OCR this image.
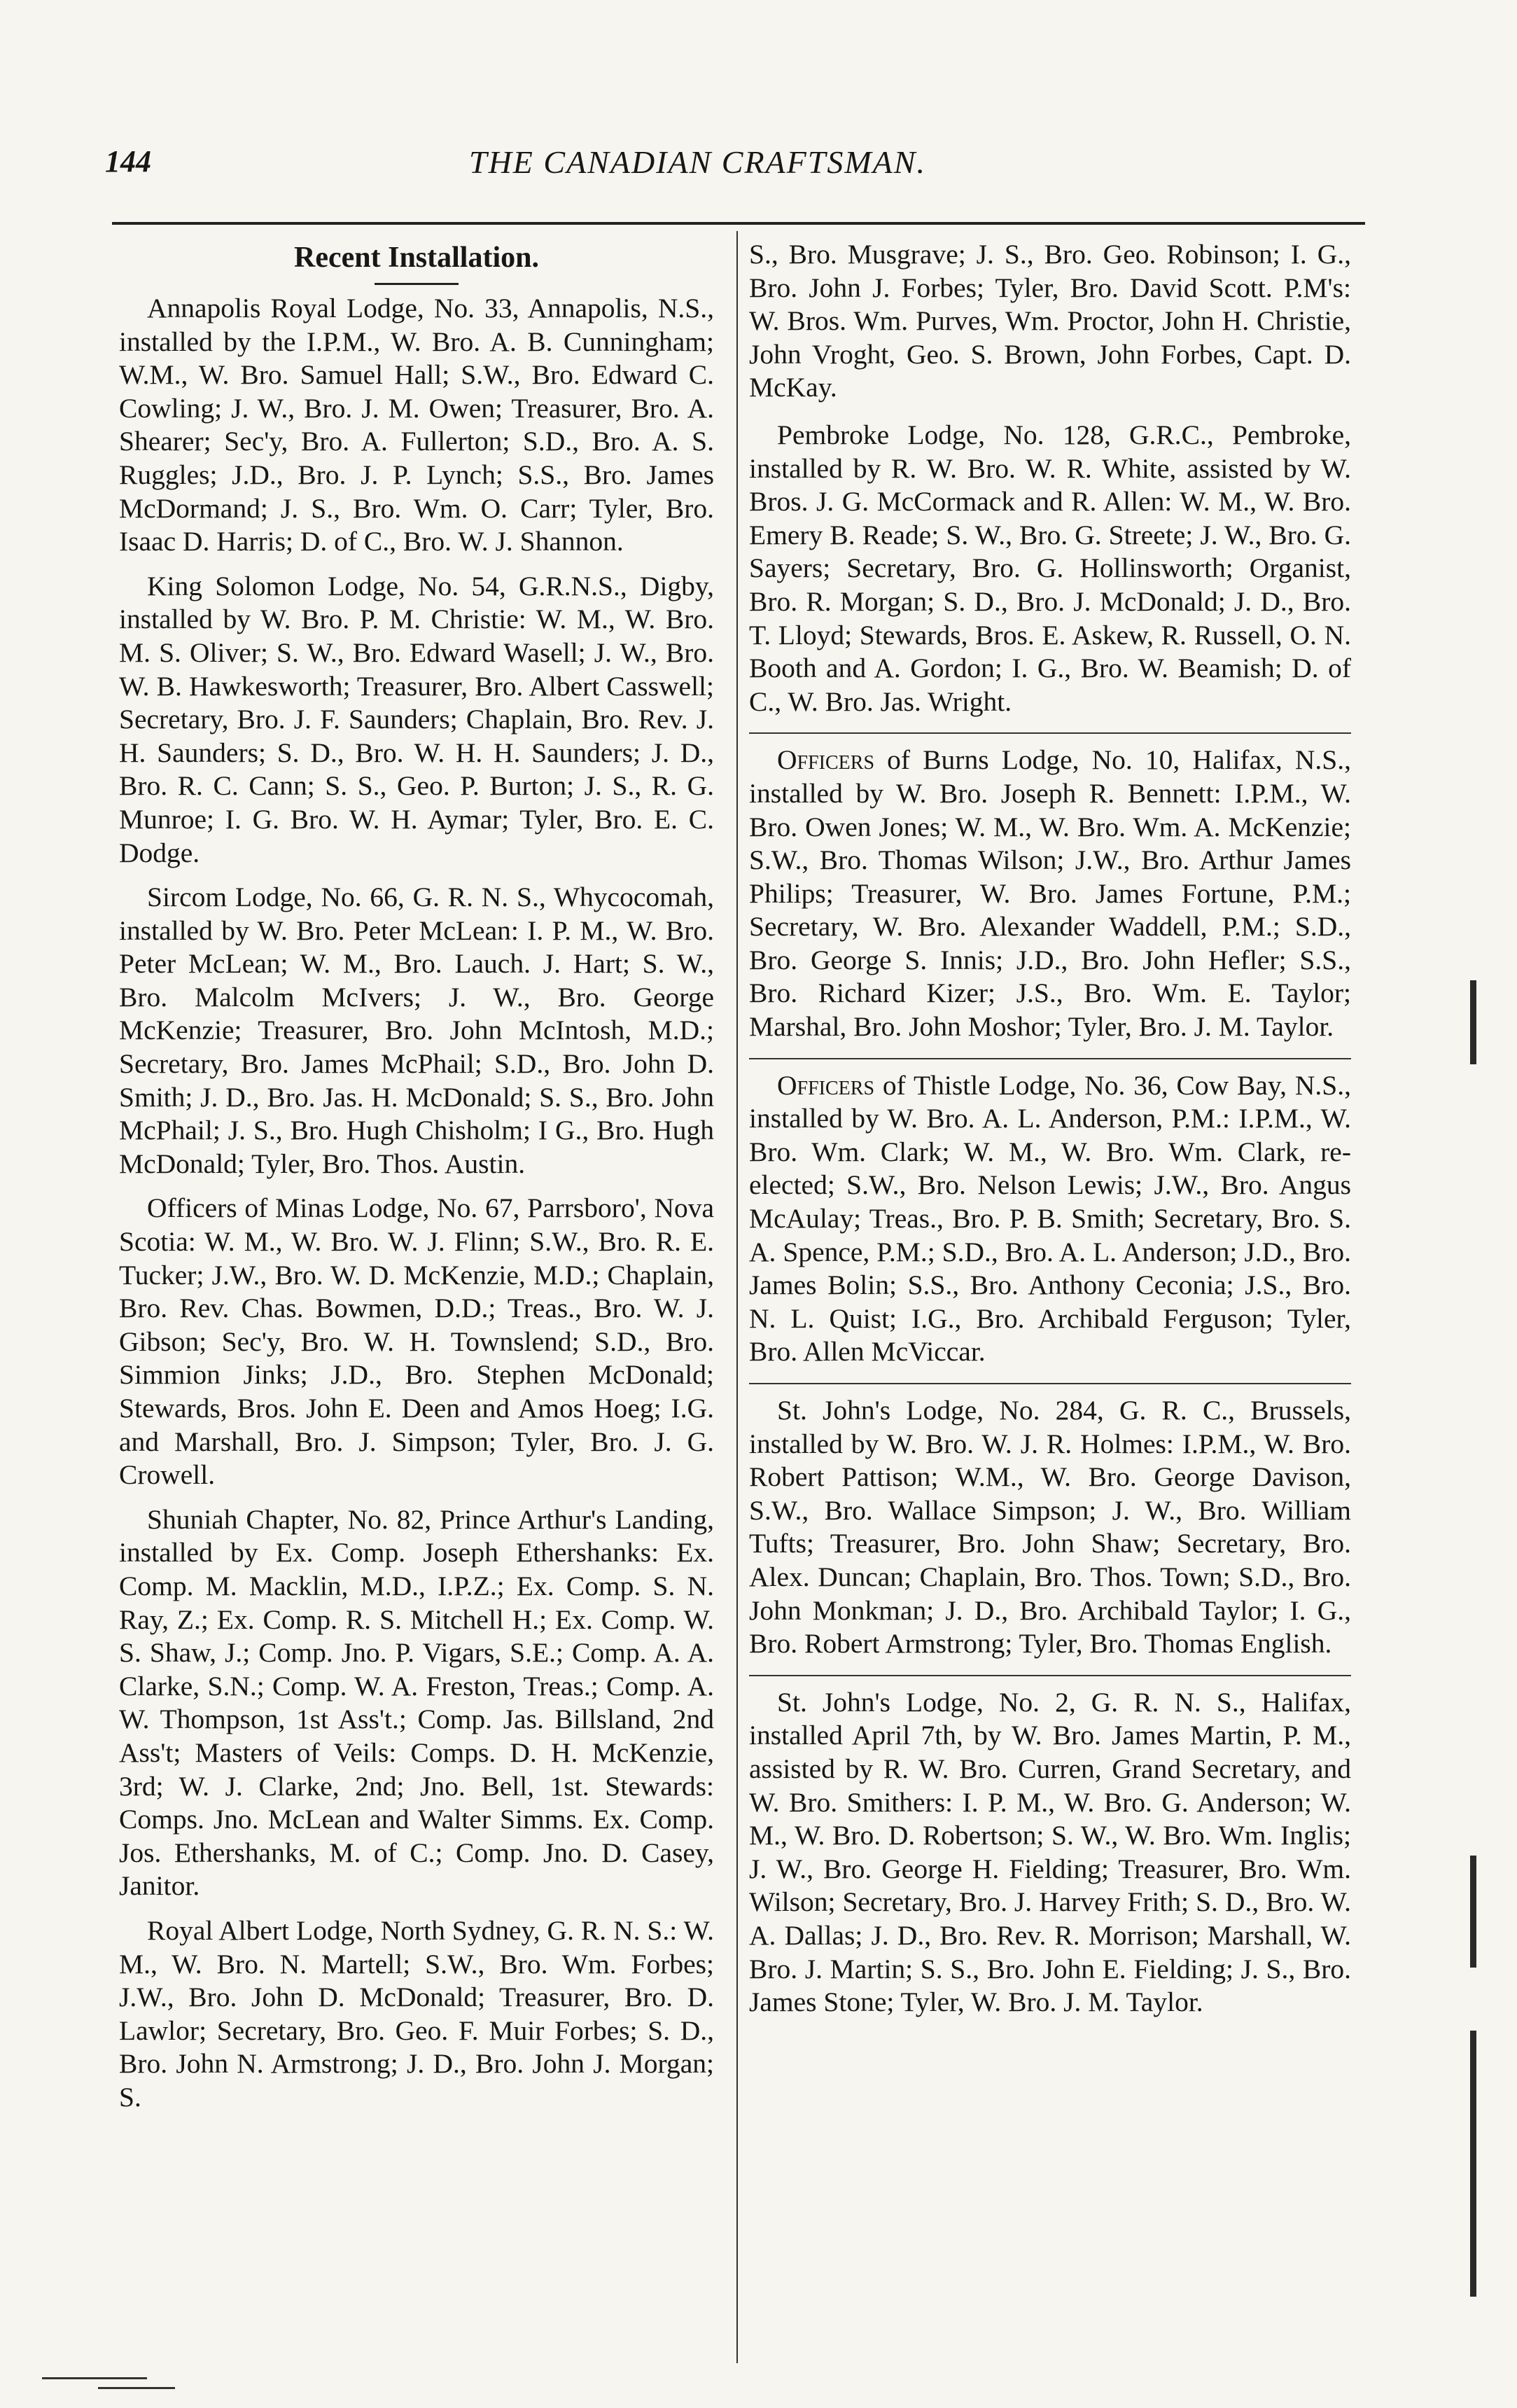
144	THE CANADIAN CRAFTSMAN.
Recent Installation.

Annapolis Royal Lodge, No. 33, Annapolis, N.S., installed by the I.P.M., W. Bro. A. B. Cunningham; W.M., W. Bro. Samuel Hall; S.W., Bro. Edward C. Cowling; J. W., Bro. J. M. Owen; Treasurer, Bro. A. Shearer; Sec'y, Bro. A. Fullerton; S.D., Bro. A. S. Ruggles; J.D., Bro. J. P. Lynch; S.S., Bro. James McDormand; J. S., Bro. Wm. O. Carr; Tyler, Bro. Isaac D. Harris; D. of C., Bro. W. J. Shannon.

King Solomon Lodge, No. 54, G.R.N.S., Digby, installed by W. Bro. P. M. Christie: W. M., W. Bro. M. S. Oliver; S. W., Bro. Edward Wasell; J. W., Bro. W. B. Hawkesworth; Treasurer, Bro. Albert Casswell; Secretary, Bro. J. F. Saunders; Chaplain, Bro. Rev. J. H. Saunders; S. D., Bro. W. H. H. Saunders; J. D., Bro. R. C. Cann; S. S., Geo. P. Burton; J. S., R. G. Munroe; I. G. Bro. W. H. Aymar; Tyler, Bro. E. C. Dodge.

Sircom Lodge, No. 66, G. R. N. S., Whycocomah, installed by W. Bro. Peter McLean: I. P. M., W. Bro. Peter McLean; W. M., Bro. Lauch. J. Hart; S. W., Bro. Malcolm McIvers; J. W., Bro. George McKenzie; Treasurer, Bro. John McIntosh, M.D.; Secretary, Bro. James McPhail; S.D., Bro. John D. Smith; J. D., Bro. Jas. H. McDonald; S. S., Bro. John McPhail; J. S., Bro. Hugh Chisholm; I G., Bro. Hugh McDonald; Tyler, Bro. Thos. Austin.

Officers of Minas Lodge, No. 67, Parrsboro', Nova Scotia: W. M., W. Bro. W. J. Flinn; S.W., Bro. R. E. Tucker; J.W., Bro. W. D. McKenzie, M.D.; Chaplain, Bro. Rev. Chas. Bowmen, D.D.; Treas., Bro. W. J. Gibson; Sec'y, Bro. W. H. Townslend; S.D., Bro. Simmion Jinks; J.D., Bro. Stephen McDonald; Stewards, Bros. John E. Deen and Amos Hoeg; I.G. and Marshall, Bro. J. Simpson; Tyler, Bro. J. G. Crowell.

Shuniah Chapter, No. 82, Prince Arthur's Landing, installed by Ex. Comp. Joseph Ethershanks: Ex. Comp. M. Macklin, M.D., I.P.Z.; Ex. Comp. S. N. Ray, Z.; Ex. Comp. R. S. Mitchell H.; Ex. Comp. W. S. Shaw, J.; Comp. Jno. P. Vigars, S.E.; Comp. A. A. Clarke, S.N.; Comp. W. A. Freston, Treas.; Comp. A. W. Thompson, 1st Ass't.; Comp. Jas. Billsland, 2nd Ass't; Masters of Veils: Comps. D. H. McKenzie, 3rd; W. J. Clarke, 2nd; Jno. Bell, 1st. Stewards: Comps. Jno. McLean and Walter Simms. Ex. Comp. Jos. Ethershanks, M. of C.; Comp. Jno. D. Casey, Janitor.

Royal Albert Lodge, North Sydney, G. R. N. S.: W. M., W. Bro. N. Martell; S.W., Bro. Wm. Forbes; J.W., Bro. John D. McDonald; Treasurer, Bro. D. Lawlor; Secretary, Bro. Geo. F. Muir Forbes; S. D., Bro. John N. Armstrong; J. D., Bro. John J. Morgan; S.

S., Bro. Musgrave; J. S., Bro. Geo. Robinson; I. G., Bro. John J. Forbes; Tyler, Bro. David Scott. P.M's: W. Bros. Wm. Purves, Wm. Proctor, John H. Christie, John Vroght, Geo. S. Brown, John Forbes, Capt. D. McKay.

Pembroke Lodge, No. 128, G.R.C., Pembroke, installed by R. W. Bro. W. R. White, assisted by W. Bros. J. G. McCormack and R. Allen: W. M., W. Bro. Emery B. Reade; S. W., Bro. G. Streete; J. W., Bro. G. Sayers; Secretary, Bro. G. Hollinsworth; Organist, Bro. R. Morgan; S. D., Bro. J. McDonald; J. D., Bro. T. Lloyd; Stewards, Bros. E. Askew, R. Russell, O. N. Booth and A. Gordon; I. G., Bro. W. Beamish; D. of C., W. Bro. Jas. Wright.

Officers of Burns Lodge, No. 10, Halifax, N.S., installed by W. Bro. Joseph R. Bennett: I.P.M., W. Bro. Owen Jones; W. M., W. Bro. Wm. A. McKenzie; S.W., Bro. Thomas Wilson; J.W., Bro. Arthur James Philips; Treasurer, W. Bro. James Fortune, P.M.; Secretary, W. Bro. Alexander Waddell, P.M.; S.D., Bro. George S. Innis; J.D., Bro. John Hefler; S.S., Bro. Richard Kizer; J.S., Bro. Wm. E. Taylor; Marshal, Bro. John Moshor; Tyler, Bro. J. M. Taylor.

Officers of Thistle Lodge, No. 36, Cow Bay, N.S., installed by W. Bro. A. L. Anderson, P.M.: I.P.M., W. Bro. Wm. Clark; W. M., W. Bro. Wm. Clark, re-elected; S.W., Bro. Nelson Lewis; J.W., Bro. Angus McAulay; Treas., Bro. P. B. Smith; Secretary, Bro. S. A. Spence, P.M.; S.D., Bro. A. L. Anderson; J.D., Bro. James Bolin; S.S., Bro. Anthony Ceconia; J.S., Bro. N. L. Quist; I.G., Bro. Archibald Ferguson; Tyler, Bro. Allen McViccar.

St. John's Lodge, No. 284, G. R. C., Brussels, installed by W. Bro. W. J. R. Holmes: I.P.M., W. Bro. Robert Pattison; W.M., W. Bro. George Davison, S.W., Bro. Wallace Simpson; J. W., Bro. William Tufts; Treasurer, Bro. John Shaw; Secretary, Bro. Alex. Duncan; Chaplain, Bro. Thos. Town; S.D., Bro. John Monkman; J. D., Bro. Archibald Taylor; I. G., Bro. Robert Armstrong; Tyler, Bro. Thomas English.

St. John's Lodge, No. 2, G. R. N. S., Halifax, installed April 7th, by W. Bro. James Martin, P. M., assisted by R. W. Bro. Curren, Grand Secretary, and W. Bro. Smithers: I. P. M., W. Bro. G. Anderson; W. M., W. Bro. D. Robertson; S. W., W. Bro. Wm. Inglis; J. W., Bro. George H. Fielding; Treasurer, Bro. Wm. Wilson; Secretary, Bro. J. Harvey Frith; S. D., Bro. W. A. Dallas; J. D., Bro. Rev. R. Morrison; Marshall, W. Bro. J. Martin; S. S., Bro. John E. Fielding; J. S., Bro. James Stone; Tyler, W. Bro. J. M. Taylor.
